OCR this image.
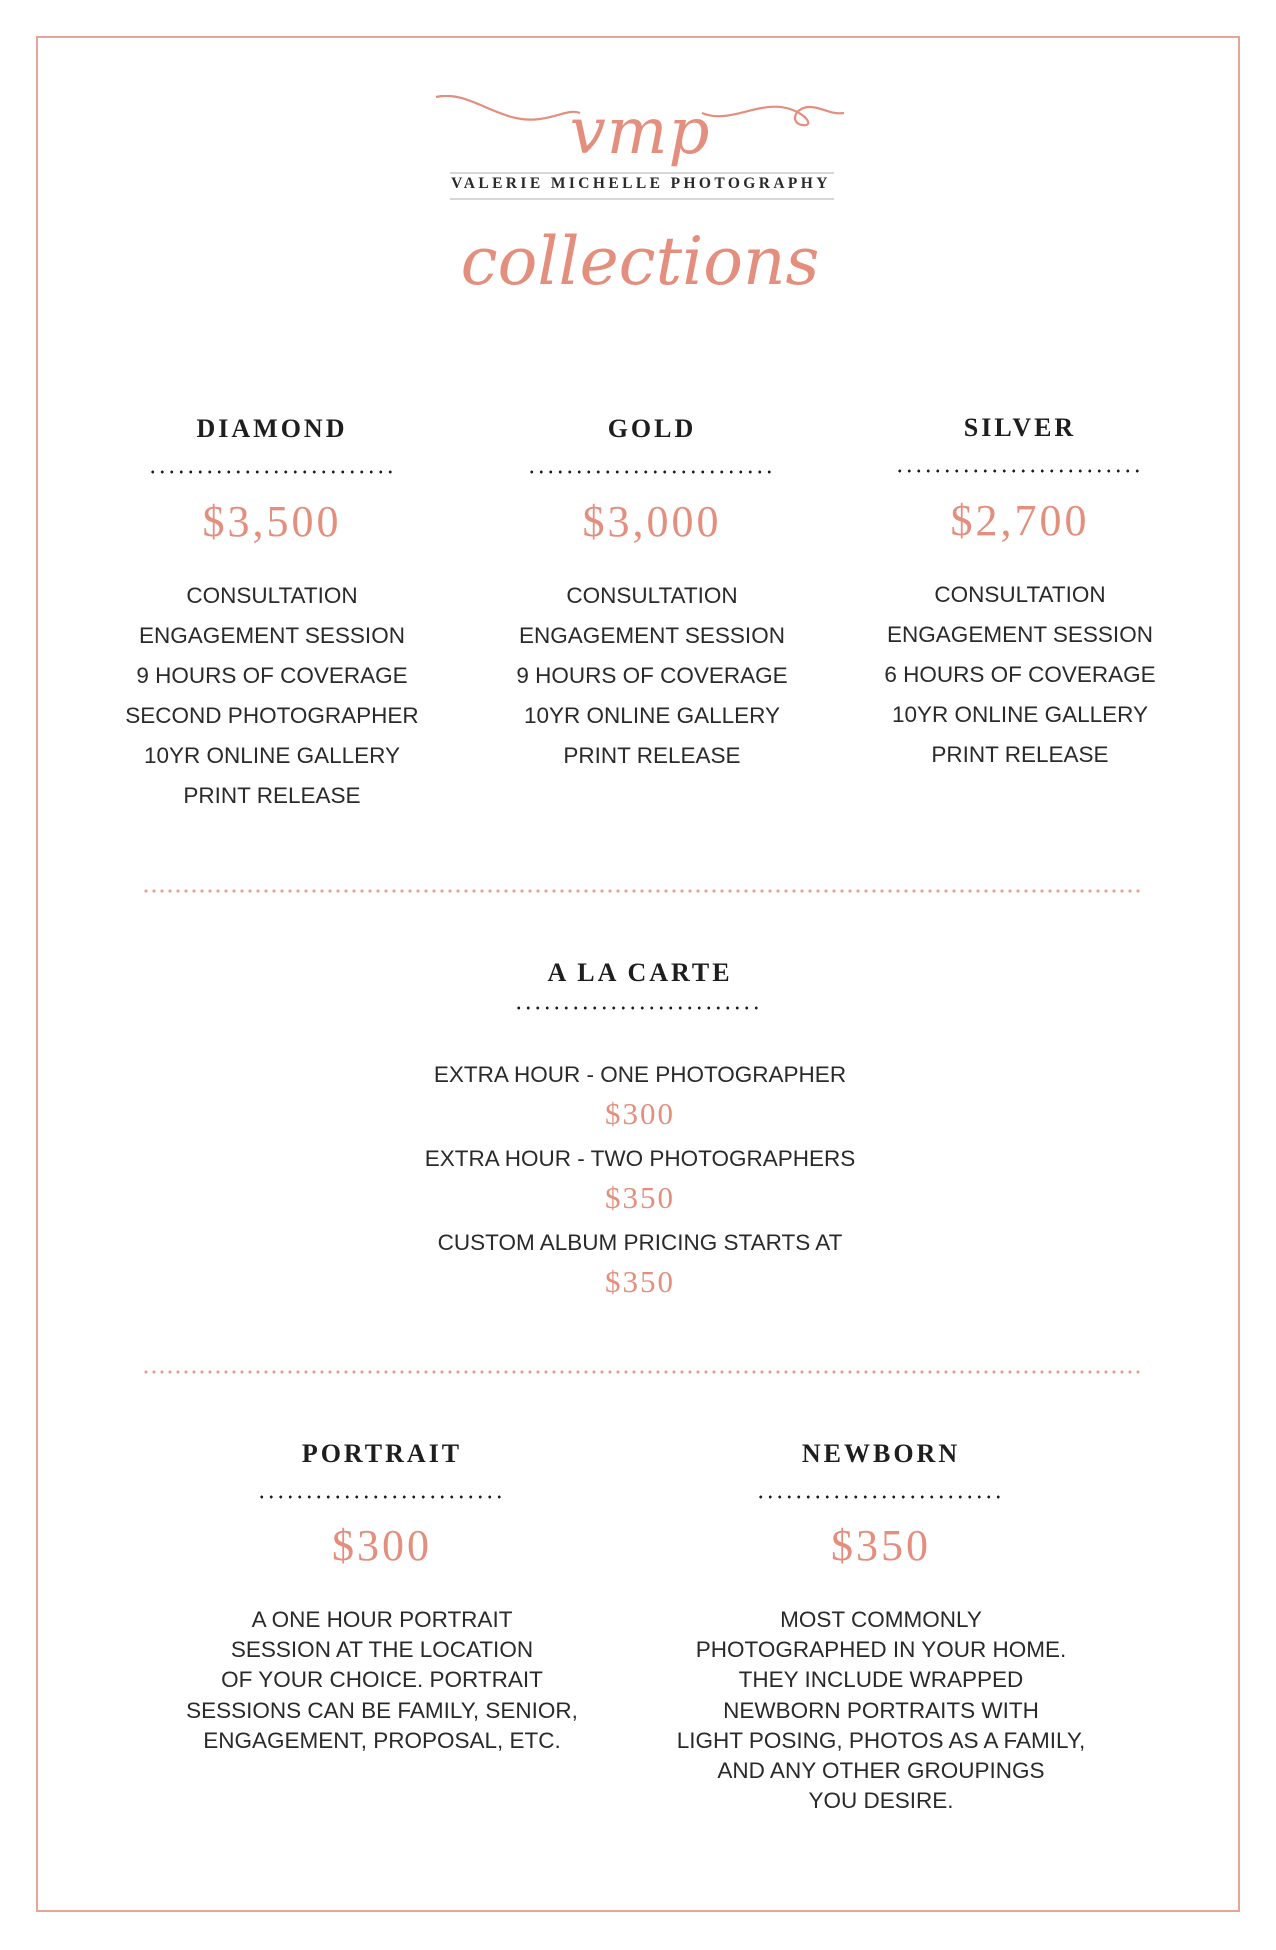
vmp
VALERIE MICHELLE PHOTOGRAPHY
collections
DIAMOND
$3,500
CONSULTATION
ENGAGEMENT SESSION
9 HOURS OF COVERAGE
SECOND PHOTOGRAPHER
10YR ONLINE GALLERY
PRINT RELEASE
GOLD
$3,000
CONSULTATION
ENGAGEMENT SESSION
9 HOURS OF COVERAGE
10YR ONLINE GALLERY
PRINT RELEASE
SILVER
$2,700
CONSULTATION
ENGAGEMENT SESSION
6 HOURS OF COVERAGE
10YR ONLINE GALLERY
PRINT RELEASE
A LA CARTE
EXTRA HOUR - ONE PHOTOGRAPHER
$300
EXTRA HOUR - TWO PHOTOGRAPHERS
$350
CUSTOM ALBUM PRICING STARTS AT
$350
PORTRAIT
$300
A ONE HOUR PORTRAIT
SESSION AT THE LOCATION
OF YOUR CHOICE. PORTRAIT
SESSIONS CAN BE FAMILY, SENIOR,
ENGAGEMENT, PROPOSAL, ETC.
NEWBORN
$350
MOST COMMONLY
PHOTOGRAPHED IN YOUR HOME.
THEY INCLUDE WRAPPED
NEWBORN PORTRAITS WITH
LIGHT POSING, PHOTOS AS A FAMILY,
AND ANY OTHER GROUPINGS
YOU DESIRE.
